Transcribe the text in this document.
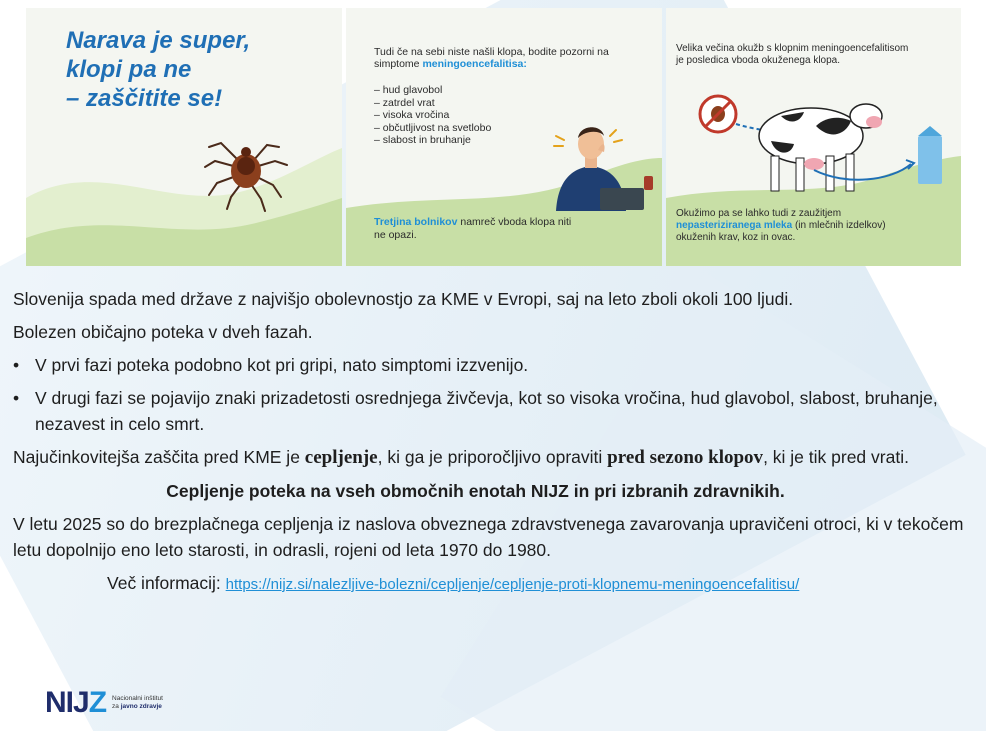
Narava je super,
klopi pa ne
– zaščitite se!
Tudi če na sebi niste našli klopa, bodite pozorni na simptome meningoencefalitisa:
– hud glavobol
– zatrdel vrat
– visoka vročina
– občutljivost na svetlobo
– slabost in bruhanje
Tretjina bolnikov namreč vboda klopa niti ne opazi.
Velika večina okužb s klopnim meningoencefalitisom je posledica vboda okuženega klopa.
Okužimo pa se lahko tudi z zaužitjem nepasteriziranega mleka (in mlečnih izdelkov) okuženih krav, koz in ovac.

Slovenija spada med države z najvišjo obolevnostjo za KME v Evropi, saj na leto zboli okoli 100 ljudi.

Bolezen običajno poteka v dveh fazah.

• V prvi fazi poteka podobno kot pri gripi, nato simptomi izzvenijo.
• V drugi fazi se pojavijo znaki prizadetosti osrednjega živčevja, kot so visoka vročina, hud glavobol, slabost, bruhanje, nezavest in celo smrt.

Najučinkovitejša zaščita pred KME je cepljenje, ki ga je priporočljivo opraviti pred sezono klopov, ki je tik pred vrati.

Cepljenje poteka na vseh območnih enotah NIJZ in pri izbranih zdravnikih.

V letu 2025 so do brezplačnega cepljenja iz naslova obveznega zdravstvenega zavarovanja upravičeni otroci, ki v tekočem letu dopolnijo eno leto starosti, in odrasli, rojeni od leta 1970 do 1980.

Več informacij: https://nijz.si/nalezljive-bolezni/cepljenje/cepljenje-proti-klopnemu-meningoencefalitisu/

NIJZ Nacionalni inštitut
za javno zdravje
